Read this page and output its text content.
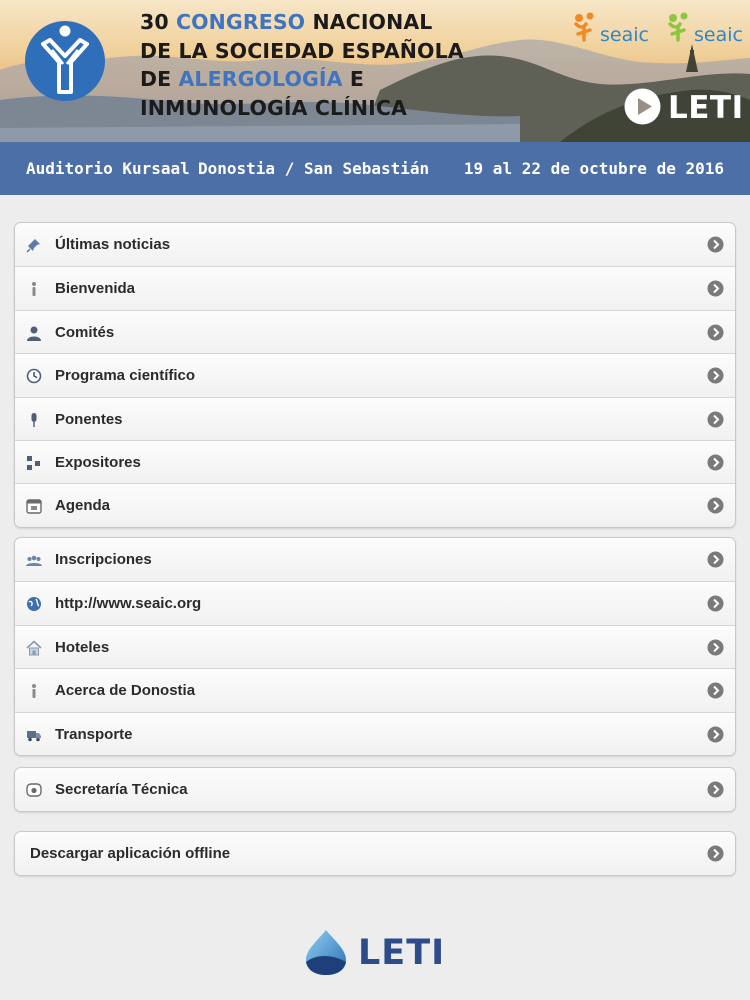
30 CONGRESO NACIONAL
DE LA SOCIEDAD ESPAÑOLA
DE ALERGOLOGÍA E
INMUNOLOGÍA CLÍNICA
seaic seaic
LETI
Auditorio Kursaal Donostia / San Sebastián 19 al 22 de octubre de 2016
Últimas noticias
Bienvenida
Comités
Programa científico
Ponentes
Expositores
Agenda
Inscripciones
http://www.seaic.org
Hoteles
Acerca de Donostia
Transporte
Secretaría Técnica
Descargar aplicación offline
LETI
